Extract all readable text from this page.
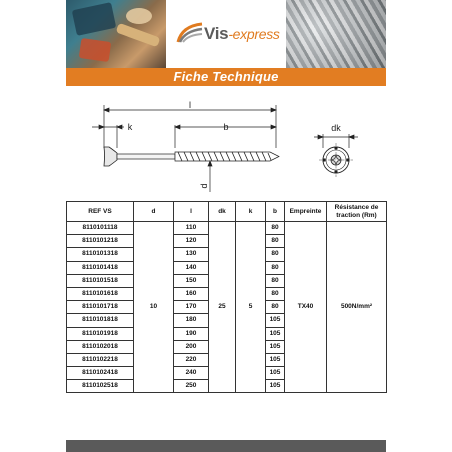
Vis-express
Fiche Technique
l
k	b
d
dk
REF VS	d	l	dk	k	b	Empreinte	Résistance de traction (Rm)
8110101118		110			80		
8110101218		120			80		
8110101318		130			80		
8110101418		140			80		
8110101518		150			80		
8110101618		160			80		
8110101718	10	170	25	5	80	TX40	500N/mm²
8110101818		180			105		
8110101918		190			105		
8110102018		200			105		
8110102218		220			105		
8110102418		240			105		
8110102518		250			105		
